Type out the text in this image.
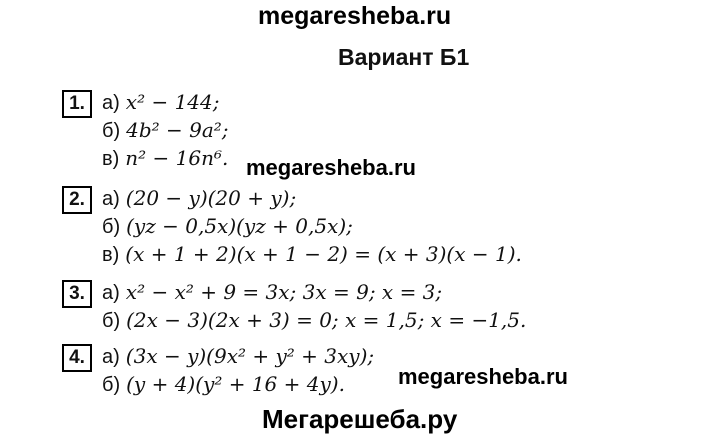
megaresheba.ru
Вариант Б1
1. а) x² − 144;
б) 4b² − 9a²;
в) n² − 16n⁶. megaresheba.ru
2. а) (20 − y)(20 + y);
б) (yz − 0,5x)(yz + 0,5x);
в) (x + 1 + 2)(x + 1 − 2) = (x + 3)(x − 1).
3. а) x² − x² + 9 = 3x; 3x = 9; x = 3;
б) (2x − 3)(2x + 3) = 0; x = 1,5; x = −1,5.
4. а) (3x − y)(9x² + y² + 3xy);
б) (y + 4)(y² + 16 + 4y).	megaresheba.ru
Мегарешеба.ру
